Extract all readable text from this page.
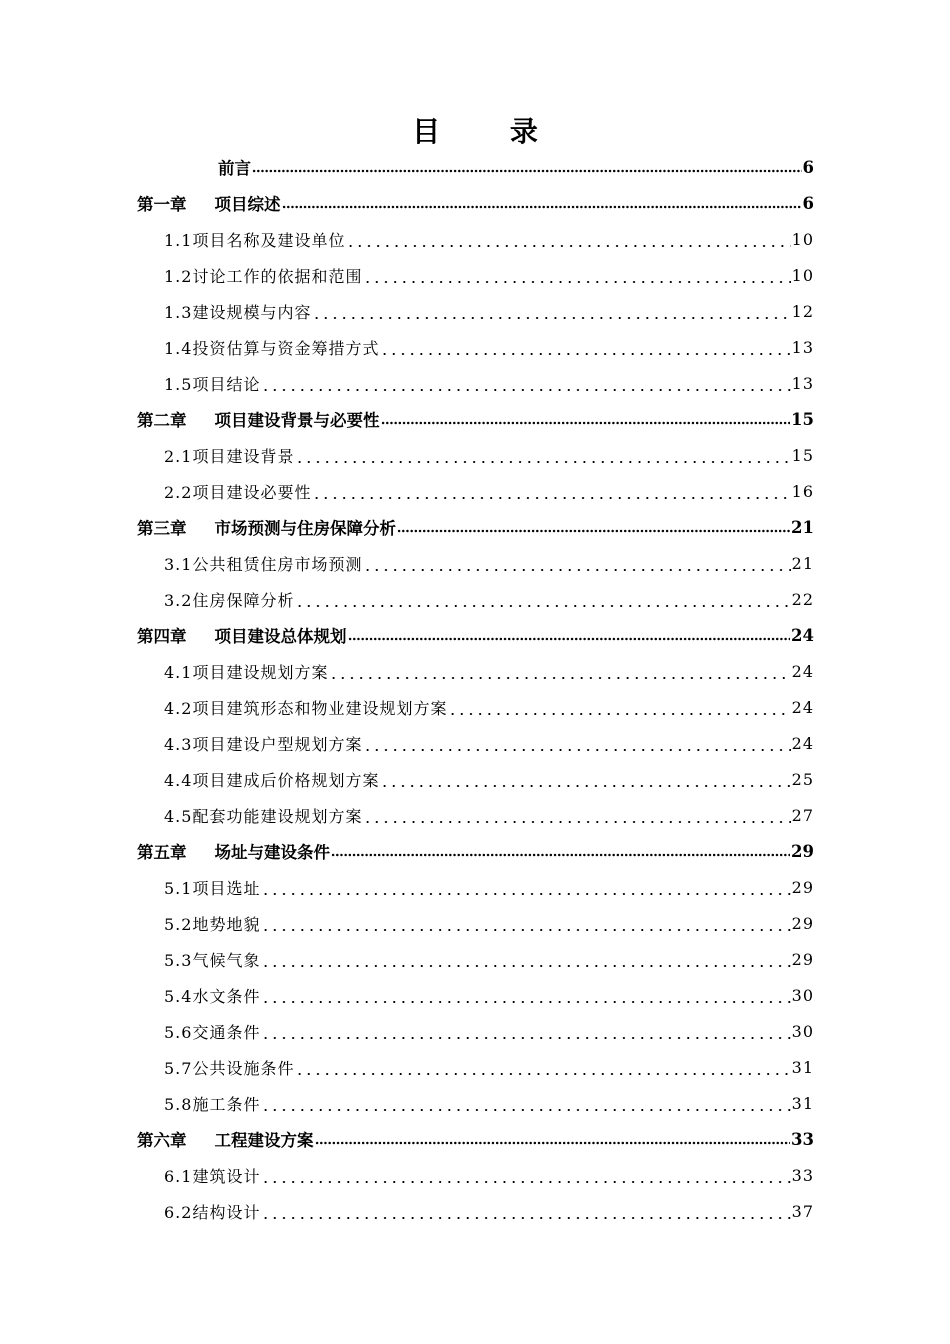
目 录
前言	6
第一章 项目综述	6
1.1项目名称及建设单位	10
1.2讨论工作的依据和范围	10
1.3建设规模与内容	12
1.4投资估算与资金筹措方式	13
1.5项目结论	13
第二章 项目建设背景与必要性	15
2.1项目建设背景	15
2.2项目建设必要性	16
第三章 市场预测与住房保障分析	21
3.1公共租赁住房市场预测	21
3.2住房保障分析	22
第四章 项目建设总体规划	24
4.1项目建设规划方案	24
4.2项目建筑形态和物业建设规划方案	24
4.3项目建设户型规划方案	24
4.4项目建成后价格规划方案	25
4.5配套功能建设规划方案	27
第五章 场址与建设条件	29
5.1项目选址	29
5.2地势地貌	29
5.3气候气象	29
5.4水文条件	30
5.6交通条件	30
5.7公共设施条件	31
5.8施工条件	31
第六章 工程建设方案	33
6.1建筑设计	33
6.2结构设计	37
